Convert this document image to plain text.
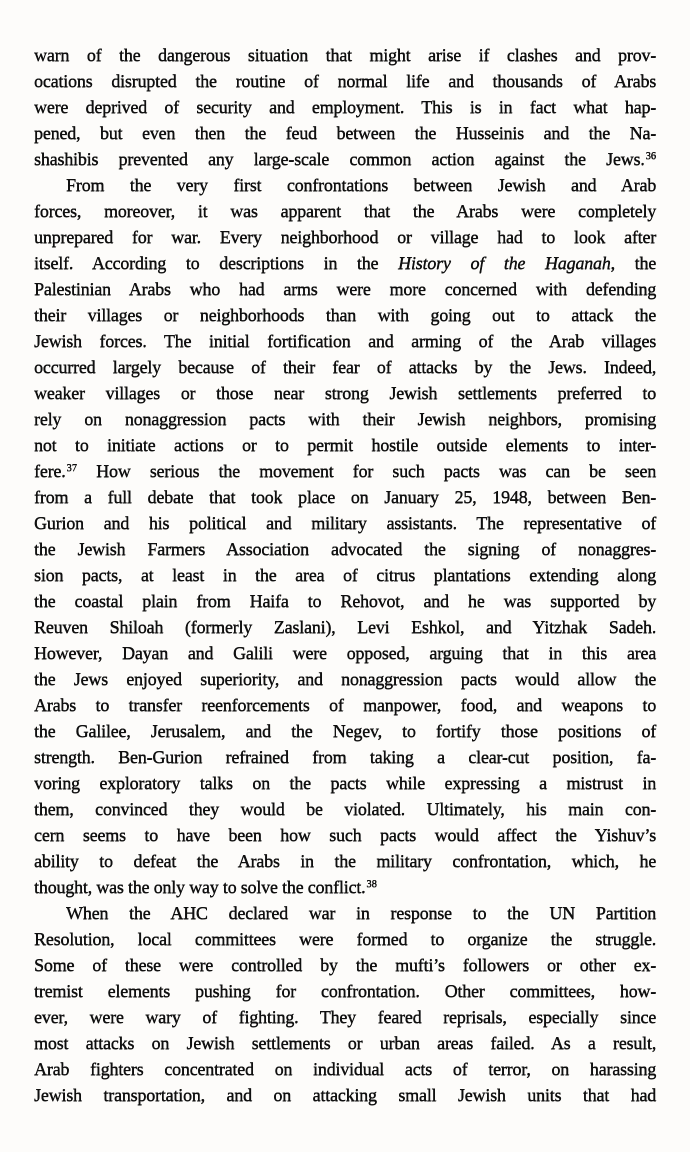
warn of the dangerous situation that might arise if clashes and prov-
ocations disrupted the routine of normal life and thousands of Arabs
were deprived of security and employment. This is in fact what hap-
pened, but even then the feud between the Husseinis and the Na-
shashibis prevented any large-scale common action against the Jews.$^{36}$
From the very first confrontations between Jewish and Arab
forces, moreover, it was apparent that the Arabs were completely
unprepared for war. Every neighborhood or village had to look after
itself. According to descriptions in the History of the Haganah, the
Palestinian Arabs who had arms were more concerned with defending
their villages or neighborhoods than with going out to attack the
Jewish forces. The initial fortification and arming of the Arab villages
occurred largely because of their fear of attacks by the Jews. Indeed,
weaker villages or those near strong Jewish settlements preferred to
rely on nonaggression pacts with their Jewish neighbors, promising
not to initiate actions or to permit hostile outside elements to inter-
fere.$^{37}$ How serious the movement for such pacts was can be seen
from a full debate that took place on January 25, 1948, between Ben-
Gurion and his political and military assistants. The representative of
the Jewish Farmers Association advocated the signing of nonaggres-
sion pacts, at least in the area of citrus plantations extending along
the coastal plain from Haifa to Rehovot, and he was supported by
Reuven Shiloah (formerly Zaslani), Levi Eshkol, and Yitzhak Sadeh.
However, Dayan and Galili were opposed, arguing that in this area
the Jews enjoyed superiority, and nonaggression pacts would allow the
Arabs to transfer reenforcements of manpower, food, and weapons to
the Galilee, Jerusalem, and the Negev, to fortify those positions of
strength. Ben-Gurion refrained from taking a clear-cut position, fa-
voring exploratory talks on the pacts while expressing a mistrust in
them, convinced they would be violated. Ultimately, his main con-
cern seems to have been how such pacts would affect the Yishuv’s
ability to defeat the Arabs in the military confrontation, which, he
thought, was the only way to solve the conflict.$^{38}$
When the AHC declared war in response to the UN Partition
Resolution, local committees were formed to organize the struggle.
Some of these were controlled by the mufti’s followers or other ex-
tremist elements pushing for confrontation. Other committees, how-
ever, were wary of fighting. They feared reprisals, especially since
most attacks on Jewish settlements or urban areas failed. As a result,
Arab fighters concentrated on individual acts of terror, on harassing
Jewish transportation, and on attacking small Jewish units that had
